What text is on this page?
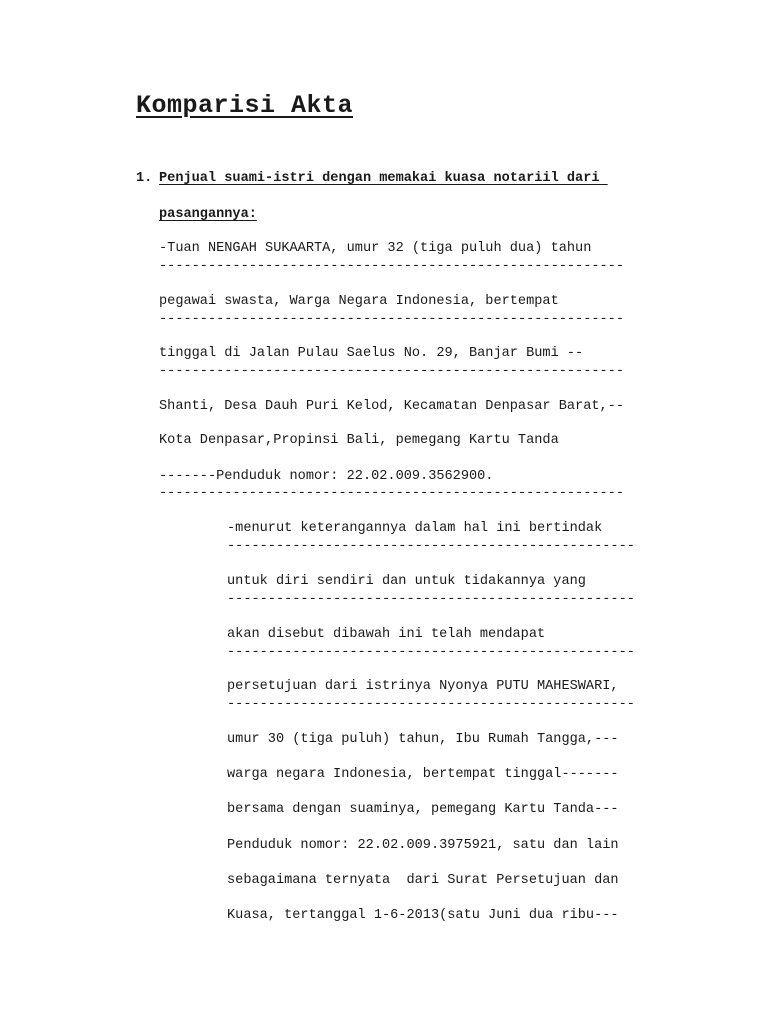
Komparisi Akta
1. Penjual suami-istri dengan memakai kuasa notariil dari
pasangannya:
-Tuan NENGAH SUKAARTA, umur 32 (tiga puluh dua) tahun
---------------------------------------------------------
pegawai swasta, Warga Negara Indonesia, bertempat
---------------------------------------------------------
tinggal di Jalan Pulau Saelus No. 29, Banjar Bumi --
---------------------------------------------------------
Shanti, Desa Dauh Puri Kelod, Kecamatan Denpasar Barat,--
Kota Denpasar,Propinsi Bali, pemegang Kartu Tanda
-------Penduduk nomor: 22.02.009.3562900.
---------------------------------------------------------
-menurut keterangannya dalam hal ini bertindak
--------------------------------------------------
untuk diri sendiri dan untuk tidakannya yang
--------------------------------------------------
akan disebut dibawah ini telah mendapat
--------------------------------------------------
persetujuan dari istrinya Nyonya PUTU MAHESWARI,
--------------------------------------------------
umur 30 (tiga puluh) tahun, Ibu Rumah Tangga,---
warga negara Indonesia, bertempat tinggal-------
bersama dengan suaminya, pemegang Kartu Tanda---
Penduduk nomor: 22.02.009.3975921, satu dan lain
sebagaimana ternyata  dari Surat Persetujuan dan
Kuasa, tertanggal 1-6-2013(satu Juni dua ribu---
